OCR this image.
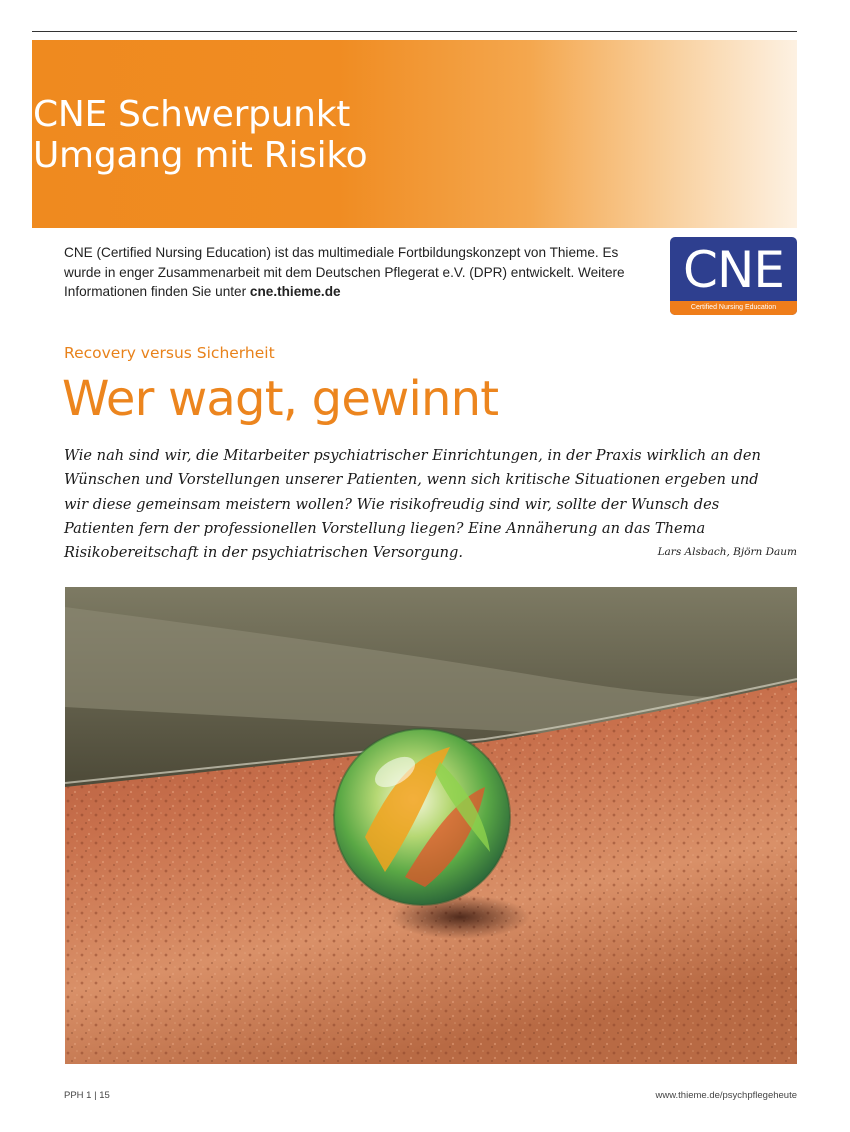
CNE Schwerpunkt
Umgang mit Risiko

CNE (Certified Nursing Education) ist das multimediale Fortbildungskonzept von Thieme. Es wurde in enger Zusammenarbeit mit dem Deutschen Pflegerat e.V. (DPR) entwickelt. Weitere Informationen finden Sie unter cne.thieme.de	CNE
Certified Nursing Education

Recovery versus Sicherheit

Wer wagt, gewinnt

Wie nah sind wir, die Mitarbeiter psychiatrischer Einrichtungen, in der Praxis wirklich an den Wünschen und Vorstellungen unserer Patienten, wenn sich kritische Situationen ergeben und wir diese gemeinsam meistern wollen? Wie risikofreudig sind wir, sollte der Wunsch des Patienten fern der professionellen Vorstellung liegen? Eine Annäherung an das Thema Risikobereitschaft in der psychiatrischen Versorgung.	Lars Alsbach, Björn Daum
PPH 1 | 15	www.thieme.de/psychpflegeheute
